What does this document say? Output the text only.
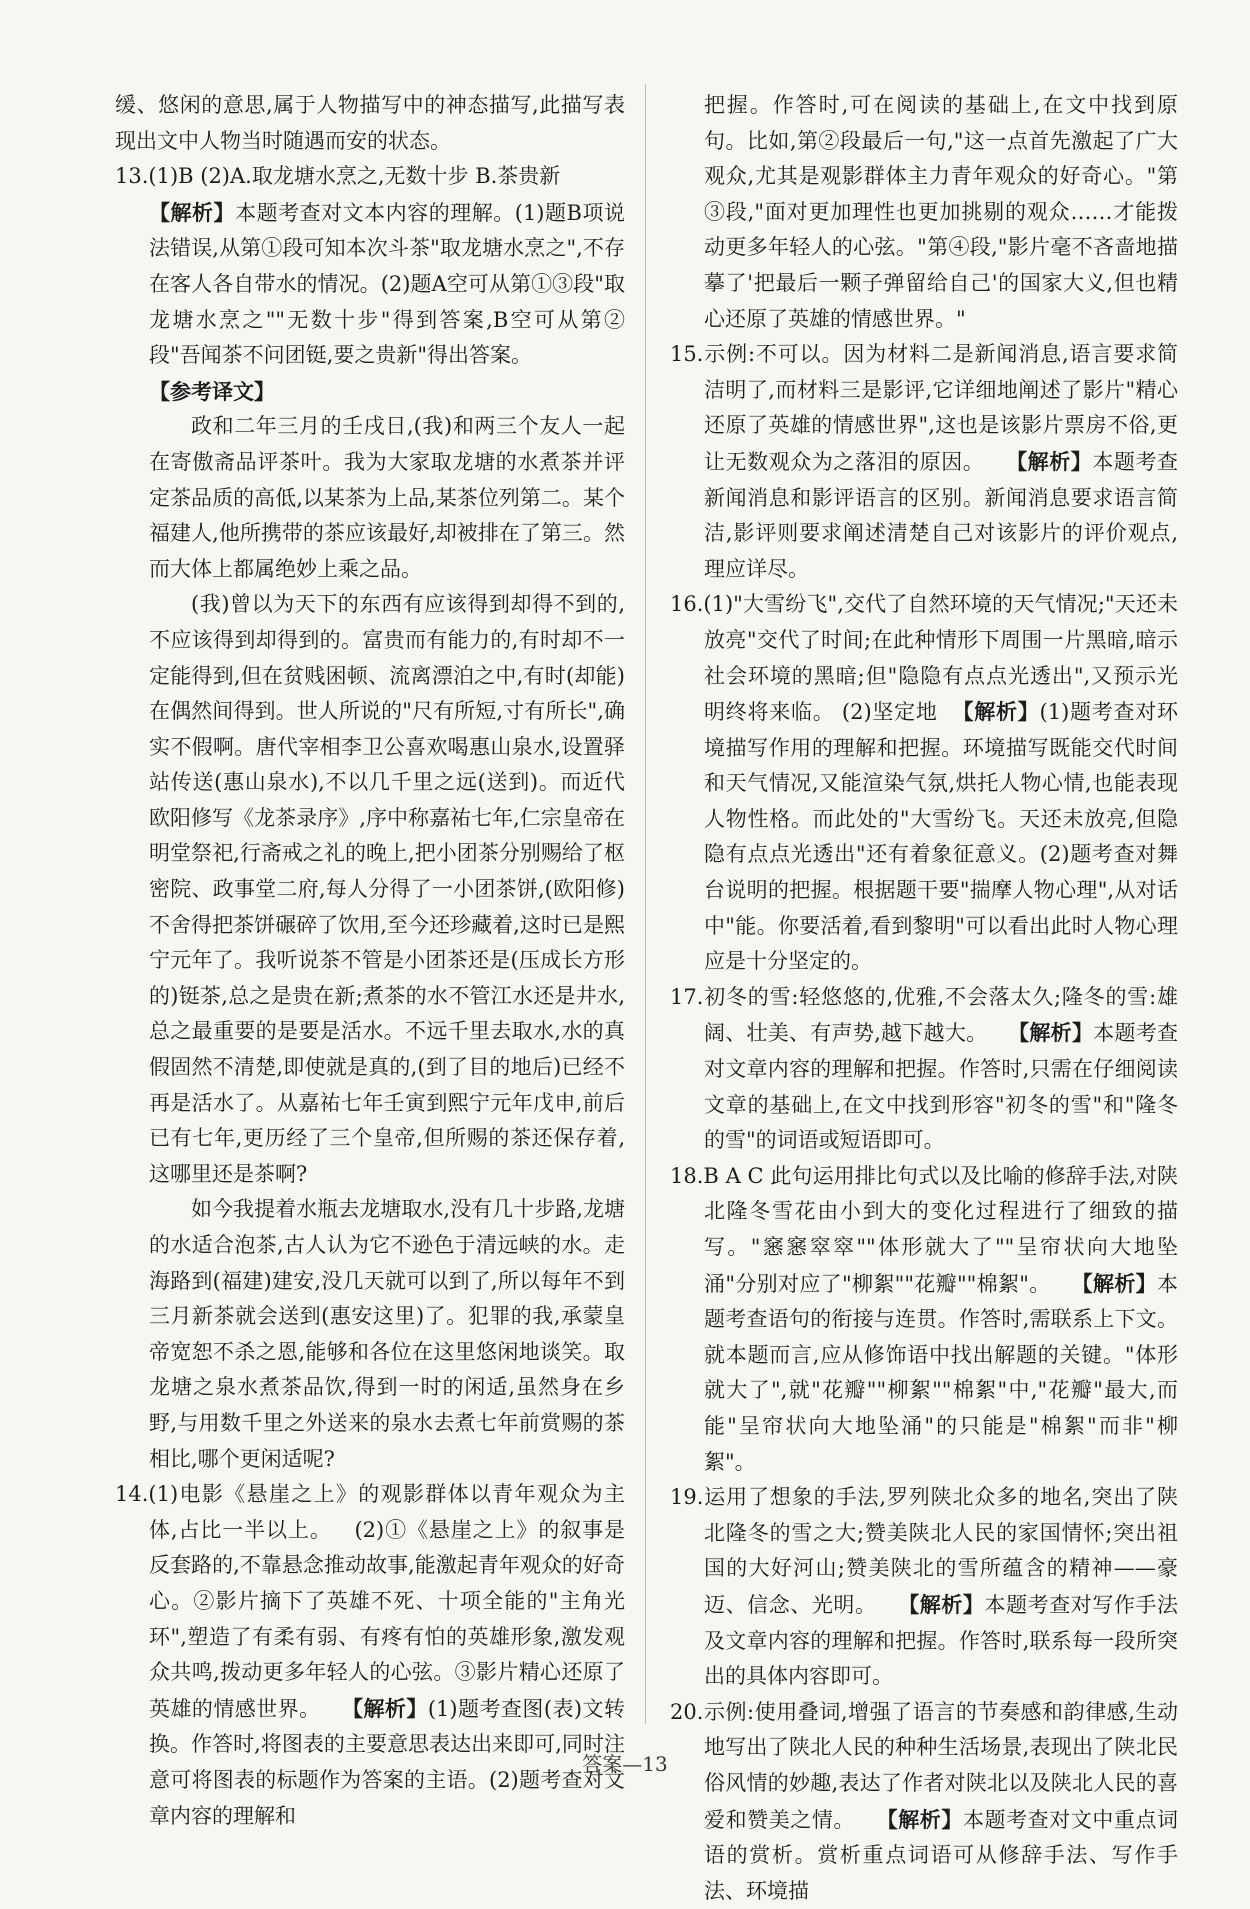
缓、悠闲的意思,属于人物描写中的神态描写,此描写表现出文中人物当时随遇而安的状态。

13.(1)B (2)A.取龙塘水烹之,无数十步 B.茶贵新

【解析】本题考查对文本内容的理解。(1)题B项说法错误,从第①段可知本次斗茶"取龙塘水烹之",不存在客人各自带水的情况。(2)题A空可从第①③段"取龙塘水烹之""无数十步"得到答案,B空可从第②段"吾闻茶不问团铤,要之贵新"得出答案。

【参考译文】

政和二年三月的壬戌日,(我)和两三个友人一起在寄傲斋品评茶叶。我为大家取龙塘的水煮茶并评定茶品质的高低,以某茶为上品,某茶位列第二。某个福建人,他所携带的茶应该最好,却被排在了第三。然而大体上都属绝妙上乘之品。

(我)曾以为天下的东西有应该得到却得不到的,不应该得到却得到的。富贵而有能力的,有时却不一定能得到,但在贫贱困顿、流离漂泊之中,有时(却能)在偶然间得到。世人所说的"尺有所短,寸有所长",确实不假啊。唐代宰相李卫公喜欢喝惠山泉水,设置驿站传送(惠山泉水),不以几千里之远(送到)。而近代欧阳修写《龙茶录序》,序中称嘉祐七年,仁宗皇帝在明堂祭祀,行斋戒之礼的晚上,把小团茶分别赐给了枢密院、政事堂二府,每人分得了一小团茶饼,(欧阳修)不舍得把茶饼碾碎了饮用,至今还珍藏着,这时已是熙宁元年了。我听说茶不管是小团茶还是(压成长方形的)铤茶,总之是贵在新;煮茶的水不管江水还是井水,总之最重要的是要是活水。不远千里去取水,水的真假固然不清楚,即使就是真的,(到了目的地后)已经不再是活水了。从嘉祐七年壬寅到熙宁元年戊申,前后已有七年,更历经了三个皇帝,但所赐的茶还保存着,这哪里还是茶啊?

如今我提着水瓶去龙塘取水,没有几十步路,龙塘的水适合泡茶,古人认为它不逊色于清远峡的水。走海路到(福建)建安,没几天就可以到了,所以每年不到三月新茶就会送到(惠安这里)了。犯罪的我,承蒙皇帝宽恕不杀之恩,能够和各位在这里悠闲地谈笑。取龙塘之泉水煮茶品饮,得到一时的闲适,虽然身在乡野,与用数千里之外送来的泉水去煮七年前赏赐的茶相比,哪个更闲适呢?

14.(1)电影《悬崖之上》的观影群体以青年观众为主体,占比一半以上。 (2)①《悬崖之上》的叙事是反套路的,不靠悬念推动故事,能激起青年观众的好奇心。②影片摘下了英雄不死、十项全能的"主角光环",塑造了有柔有弱、有疼有怕的英雄形象,激发观众共鸣,拨动更多年轻人的心弦。③影片精心还原了英雄的情感世界。 【解析】(1)题考查图(表)文转换。作答时,将图表的主要意思表达出来即可,同时注意可将图表的标题作为答案的主语。(2)题考查对文章内容的理解和

把握。作答时,可在阅读的基础上,在文中找到原句。比如,第②段最后一句,"这一点首先激起了广大观众,尤其是观影群体主力青年观众的好奇心。"第③段,"面对更加理性也更加挑剔的观众……才能拨动更多年轻人的心弦。"第④段,"影片毫不吝啬地描摹了'把最后一颗子弹留给自己'的国家大义,但也精心还原了英雄的情感世界。"

15.示例:不可以。因为材料二是新闻消息,语言要求简洁明了,而材料三是影评,它详细地阐述了影片"精心还原了英雄的情感世界",这也是该影片票房不俗,更让无数观众为之落泪的原因。 【解析】本题考查新闻消息和影评语言的区别。新闻消息要求语言简洁,影评则要求阐述清楚自己对该影片的评价观点,理应详尽。

16.(1)"大雪纷飞",交代了自然环境的天气情况;"天还未放亮"交代了时间;在此种情形下周围一片黑暗,暗示社会环境的黑暗;但"隐隐有点点光透出",又预示光明终将来临。 (2)坚定地  【解析】(1)题考查对环境描写作用的理解和把握。环境描写既能交代时间和天气情况,又能渲染气氛,烘托人物心情,也能表现人物性格。而此处的"大雪纷飞。天还未放亮,但隐隐有点点光透出"还有着象征意义。(2)题考查对舞台说明的把握。根据题干要"揣摩人物心理",从对话中"能。你要活着,看到黎明"可以看出此时人物心理应是十分坚定的。

17.初冬的雪:轻悠悠的,优雅,不会落太久;隆冬的雪:雄阔、壮美、有声势,越下越大。 【解析】本题考查对文章内容的理解和把握。作答时,只需在仔细阅读文章的基础上,在文中找到形容"初冬的雪"和"隆冬的雪"的词语或短语即可。

18.B A C 此句运用排比句式以及比喻的修辞手法,对陕北隆冬雪花由小到大的变化过程进行了细致的描写。"窸窸窣窣""体形就大了""呈帘状向大地坠涌"分别对应了"柳絮""花瓣""棉絮"。 【解析】本题考查语句的衔接与连贯。作答时,需联系上下文。就本题而言,应从修饰语中找出解题的关键。"体形就大了",就"花瓣""柳絮""棉絮"中,"花瓣"最大,而能"呈帘状向大地坠涌"的只能是"棉絮"而非"柳絮"。

19.运用了想象的手法,罗列陕北众多的地名,突出了陕北隆冬的雪之大;赞美陕北人民的家国情怀;突出祖国的大好河山;赞美陕北的雪所蕴含的精神——豪迈、信念、光明。 【解析】本题考查对写作手法及文章内容的理解和把握。作答时,联系每一段所突出的具体内容即可。

20.示例:使用叠词,增强了语言的节奏感和韵律感,生动地写出了陕北人民的种种生活场景,表现出了陕北民俗风情的妙趣,表达了作者对陕北以及陕北人民的喜爱和赞美之情。 【解析】本题考查对文中重点词语的赏析。赏析重点词语可从修辞手法、写作手法、环境描

答案—13
